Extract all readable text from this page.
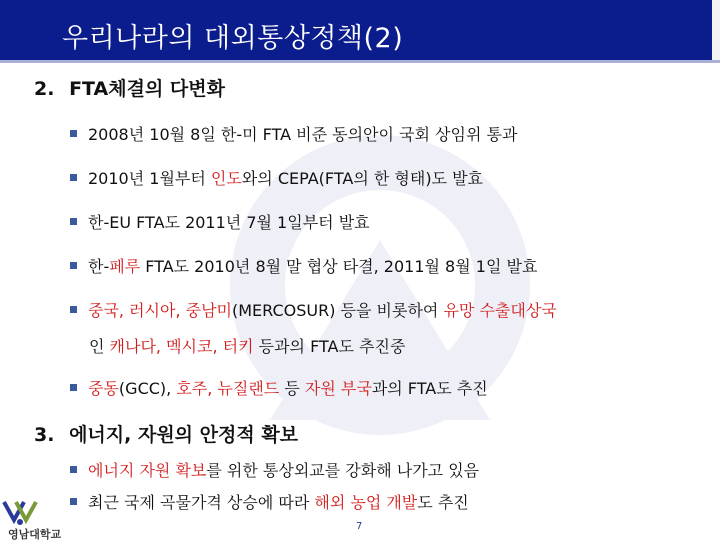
우리나라의 대외통상정책(2)
2. FTA체결의 다변화
2008년 10월 8일 한-미 FTA 비준 동의안이 국회 상임위 통과
2010년 1월부터 인도와의 CEPA(FTA의 한 형태)도 발효
한-EU FTA도 2011년 7월 1일부터 발효
한-페루 FTA도 2010년 8월 말 협상 타결, 2011월 8월 1일 발효
중국, 러시아, 중남미(MERCOSUR) 등을 비롯하여 유망 수출대상국
인 캐나다, 멕시코, 터키 등과의 FTA도 추진중
중동(GCC), 호주, 뉴질랜드 등 자원 부국과의 FTA도 추진
3. 에너지, 자원의 안정적 확보
에너지 자원 확보를 위한 통상외교를 강화해 나가고 있음
최근 국제 곡물가격 상승에 따라 해외 농업 개발도 추진
영남대학교
7
